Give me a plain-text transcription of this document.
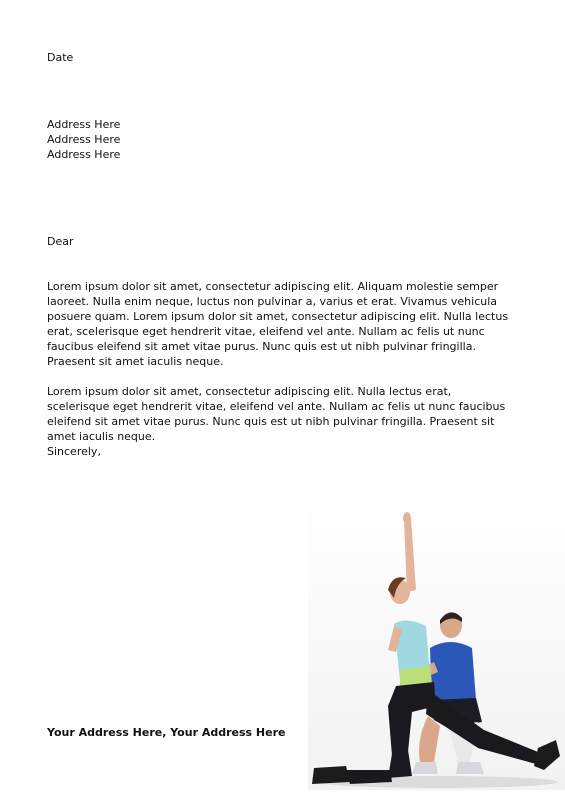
Date
Address Here
Address Here
Address Here
Dear
Lorem ipsum dolor sit amet, consectetur adipiscing elit. Aliquam molestie semper laoreet. Nulla enim neque, luctus non pulvinar a, varius et erat. Vivamus vehicula posuere quam. Lorem ipsum dolor sit amet, consectetur adipiscing elit. Nulla lectus erat, scelerisque eget hendrerit vitae, eleifend vel ante. Nullam ac felis ut nunc faucibus eleifend sit amet vitae purus. Nunc quis est ut nibh pulvinar fringilla. Praesent sit amet iaculis neque.
Lorem ipsum dolor sit amet, consectetur adipiscing elit. Nulla lectus erat, scelerisque eget hendrerit vitae, eleifend vel ante. Nullam ac felis ut nunc faucibus eleifend sit amet vitae purus. Nunc quis est ut nibh pulvinar fringilla. Praesent sit amet iaculis neque.
Sincerely,
Your Address Here, Your Address Here
